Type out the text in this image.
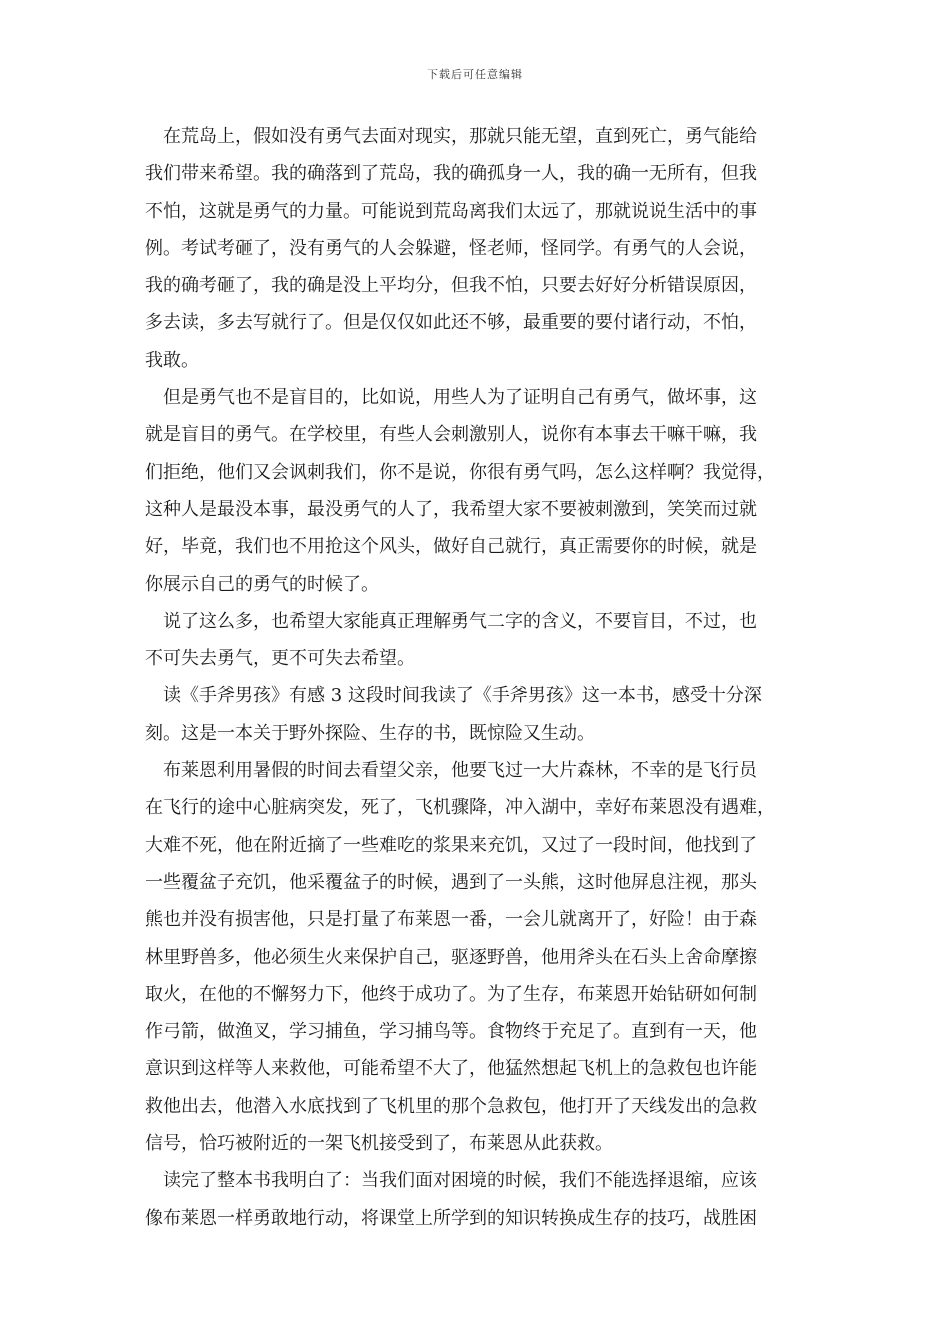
下载后可任意编辑
在荒岛上，假如没有勇气去面对现实，那就只能无望，直到死亡，勇气能给
我们带来希望。我的确落到了荒岛，我的确孤身一人，我的确一无所有，但我
不怕，这就是勇气的力量。可能说到荒岛离我们太远了，那就说说生活中的事
例。考试考砸了，没有勇气的人会躲避，怪老师，怪同学。有勇气的人会说，
我的确考砸了，我的确是没上平均分，但我不怕，只要去好好分析错误原因，
多去读，多去写就行了。但是仅仅如此还不够，最重要的要付诸行动，不怕，
我敢。
但是勇气也不是盲目的，比如说，用些人为了证明自己有勇气，做坏事，这
就是盲目的勇气。在学校里，有些人会刺激别人，说你有本事去干嘛干嘛，我
们拒绝，他们又会讽刺我们，你不是说，你很有勇气吗，怎么这样啊？我觉得，
这种人是最没本事，最没勇气的人了，我希望大家不要被刺激到，笑笑而过就
好，毕竟，我们也不用抢这个风头，做好自己就行，真正需要你的时候，就是
你展示自己的勇气的时候了。
说了这么多，也希望大家能真正理解勇气二字的含义，不要盲目，不过，也
不可失去勇气，更不可失去希望。
读《手斧男孩》有感 3 这段时间我读了《手斧男孩》这一本书，感受十分深
刻。这是一本关于野外探险、生存的书，既惊险又生动。
布莱恩利用暑假的时间去看望父亲，他要飞过一大片森林，不幸的是飞行员
在飞行的途中心脏病突发，死了，飞机骤降，冲入湖中，幸好布莱恩没有遇难，
大难不死，他在附近摘了一些难吃的浆果来充饥，又过了一段时间，他找到了
一些覆盆子充饥，他采覆盆子的时候，遇到了一头熊，这时他屏息注视，那头
熊也并没有损害他，只是打量了布莱恩一番，一会儿就离开了，好险！由于森
林里野兽多，他必须生火来保护自己，驱逐野兽，他用斧头在石头上舍命摩擦
取火，在他的不懈努力下，他终于成功了。为了生存，布莱恩开始钻研如何制
作弓箭，做渔叉，学习捕鱼，学习捕鸟等。食物终于充足了。直到有一天，他
意识到这样等人来救他，可能希望不大了，他猛然想起飞机上的急救包也许能
救他出去，他潜入水底找到了飞机里的那个急救包，他打开了天线发出的急救
信号，恰巧被附近的一架飞机接受到了，布莱恩从此获救。
读完了整本书我明白了：当我们面对困境的时候，我们不能选择退缩，应该
像布莱恩一样勇敢地行动，将课堂上所学到的知识转换成生存的技巧，战胜困
